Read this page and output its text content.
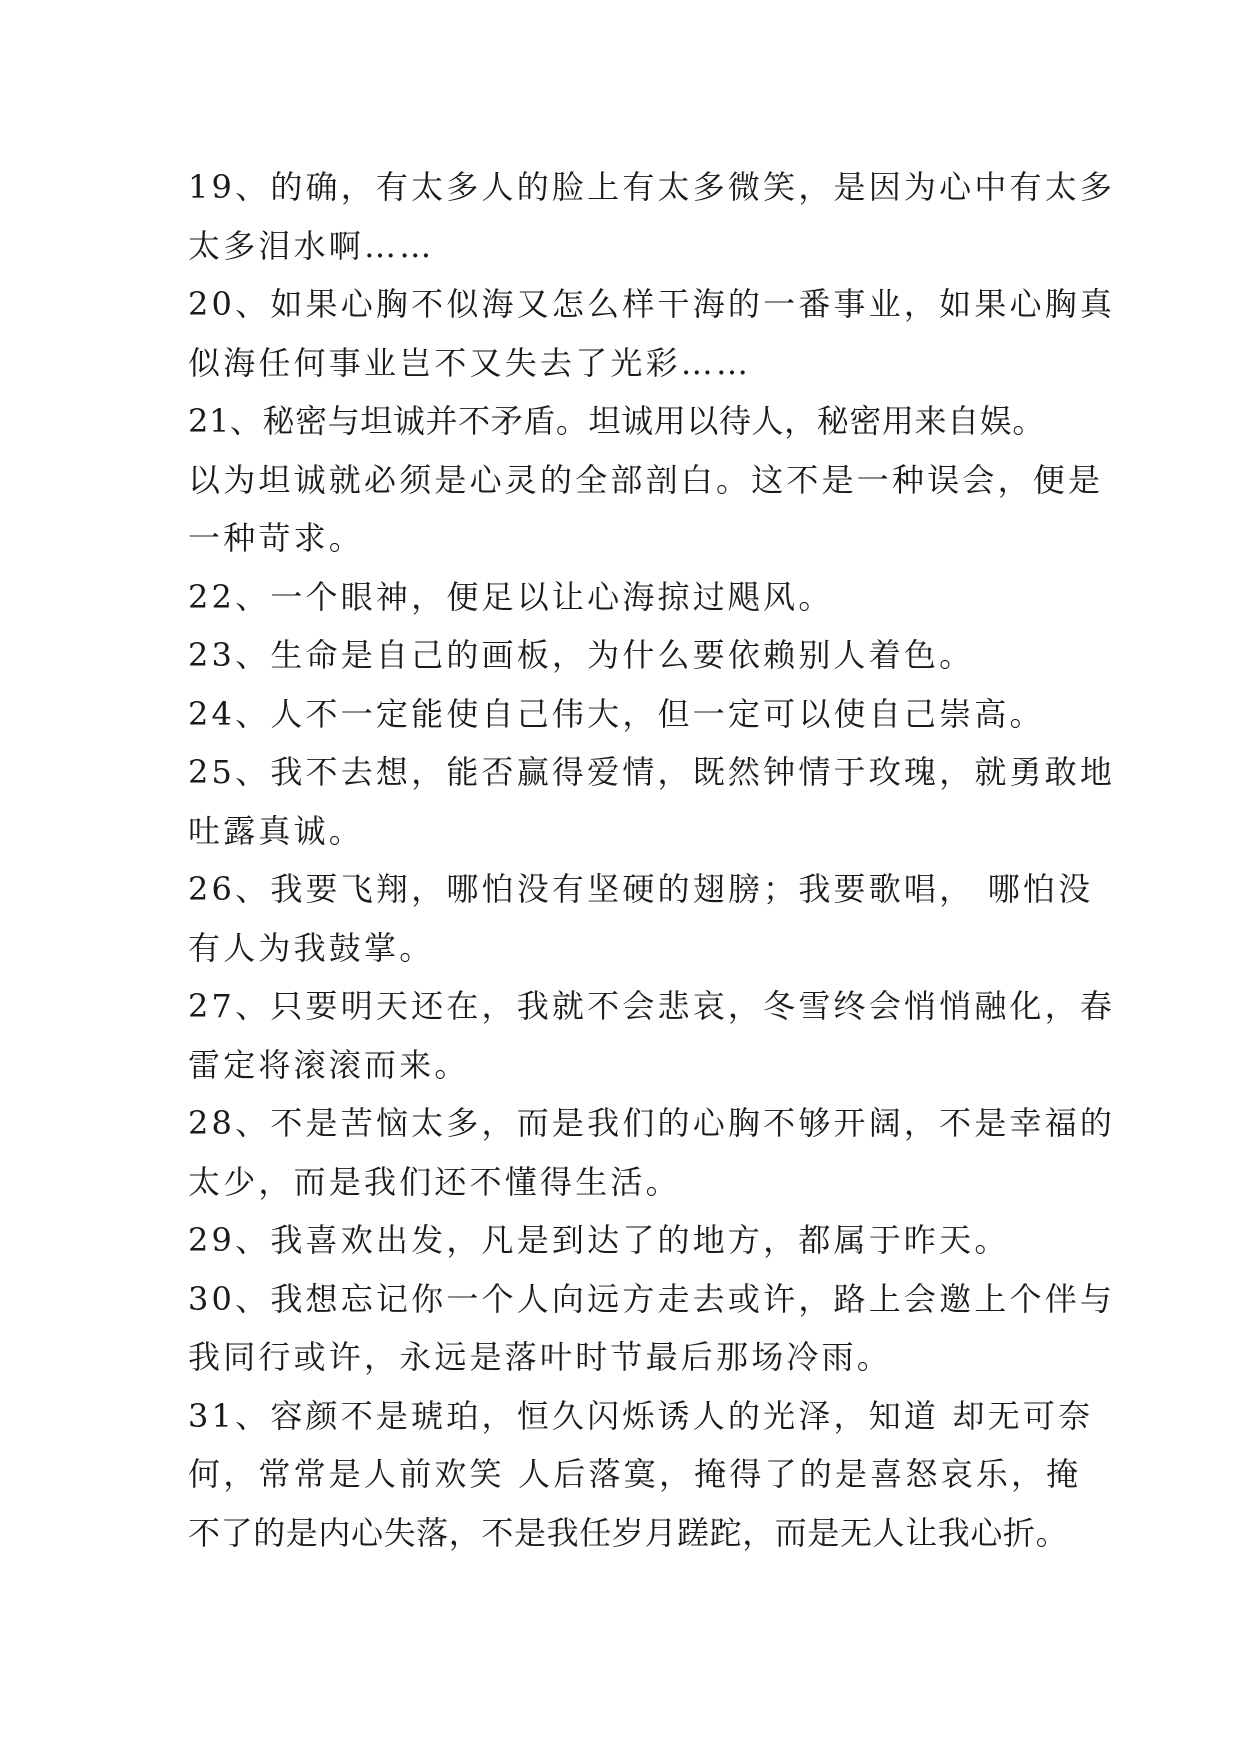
19、的确，有太多人的脸上有太多微笑，是因为心中有太多
太多泪水啊……
20、如果心胸不似海又怎么样干海的一番事业，如果心胸真
似海任何事业岂不又失去了光彩……
21、秘密与坦诚并不矛盾。坦诚用以待人，秘密用来自娱。
以为坦诚就必须是心灵的全部剖白。这不是一种误会，便是
一种苛求。
22、一个眼神，便足以让心海掠过飓风。
23、生命是自己的画板，为什么要依赖别人着色。
24、人不一定能使自己伟大，但一定可以使自己崇高。
25、我不去想，能否赢得爱情，既然钟情于玫瑰，就勇敢地
吐露真诚。
26、我要飞翔，哪怕没有坚硬的翅膀；我要歌唱， 哪怕没
有人为我鼓掌。
27、只要明天还在，我就不会悲哀，冬雪终会悄悄融化，春
雷定将滚滚而来。
28、不是苦恼太多，而是我们的心胸不够开阔，不是幸福的
太少，而是我们还不懂得生活。
29、我喜欢出发，凡是到达了的地方，都属于昨天。
30、我想忘记你一个人向远方走去或许，路上会邀上个伴与
我同行或许，永远是落叶时节最后那场冷雨。
31、容颜不是琥珀，恒久闪烁诱人的光泽，知道 却无可奈
何，常常是人前欢笑 人后落寞，掩得了的是喜怒哀乐，掩
不了的是内心失落，不是我任岁月蹉跎，而是无人让我心折。
